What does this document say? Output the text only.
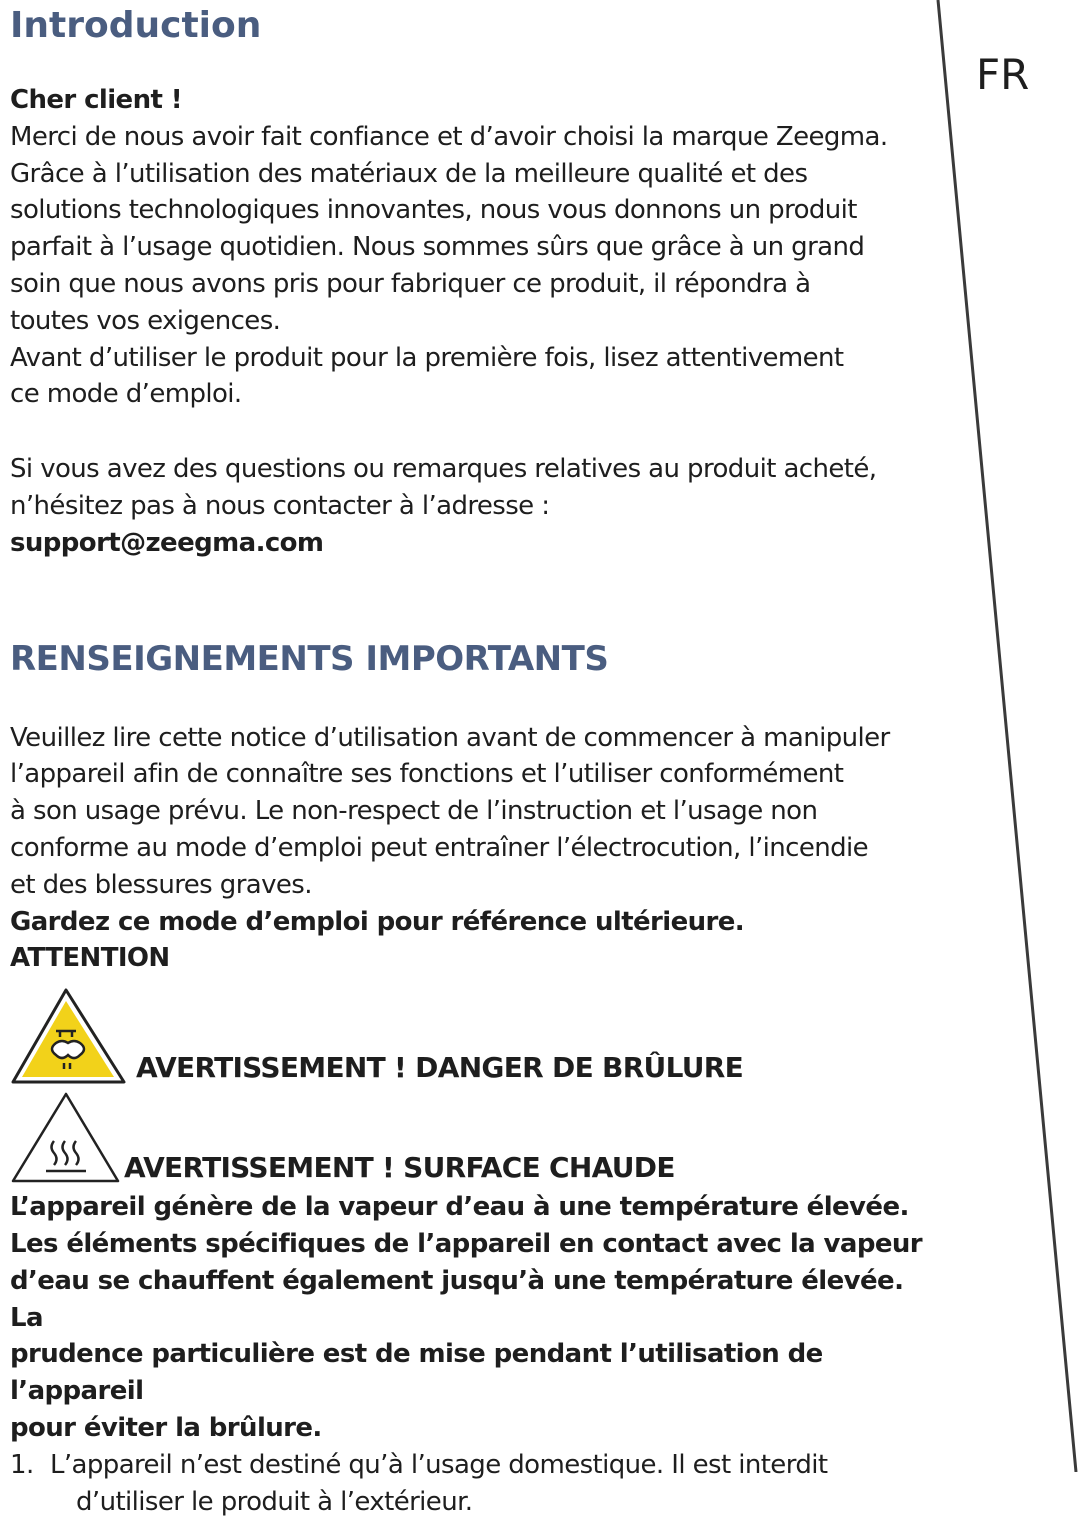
FR
Introduction

Cher client !

Merci de nous avoir fait confiance et d’avoir choisi la marque Zeegma.

Grâce à l’utilisation des matériaux de la meilleure qualité et des

solutions technologiques innovantes, nous vous donnons un produit

parfait à l’usage quotidien. Nous sommes sûrs que grâce à un grand

soin que nous avons pris pour fabriquer ce produit, il répondra à

toutes vos exigences.

Avant d’utiliser le produit pour la première fois, lisez attentivement

ce mode d’emploi.

Si vous avez des questions ou remarques relatives au produit acheté,

n’hésitez pas à nous contacter à l’adresse :

support@zeegma.com

RENSEIGNEMENTS IMPORTANTS

Veuillez lire cette notice d’utilisation avant de commencer à manipuler

l’appareil afin de connaître ses fonctions et l’utiliser conformément

à son usage prévu. Le non-respect de l’instruction et l’usage non

conforme au mode d’emploi peut entraîner l’électrocution, l’incendie

et des blessures graves.

Gardez ce mode d’emploi pour référence ultérieure.

ATTENTION

AVERTISSEMENT ! DANGER DE BRÛLURE
AVERTISSEMENT ! SURFACE CHAUDE

L’appareil génère de la vapeur d’eau à une température élevée.

Les éléments spécifiques de l’appareil en contact avec la vapeur

d’eau se chauffent également jusqu’à une température élevée. La

prudence particulière est de mise pendant l’utilisation de l’appareil

pour éviter la brûlure.

1. L’appareil n’est destiné qu’à l’usage domestique. Il est interdit

d’utiliser le produit à l’extérieur.
